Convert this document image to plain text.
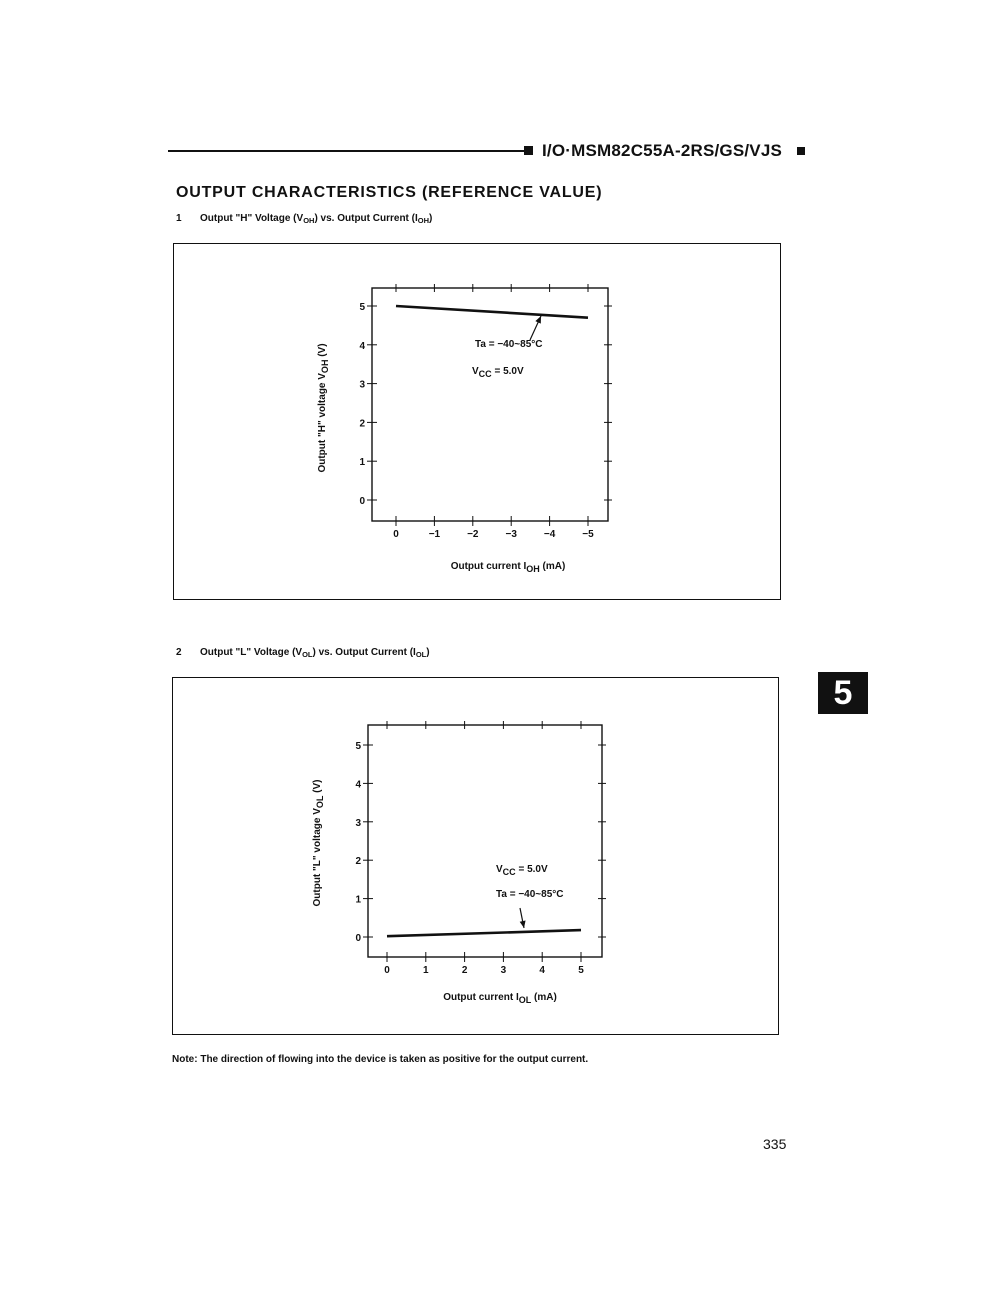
I/O·MSM82C55A-2RS/GS/VJS
OUTPUT CHARACTERISTICS (REFERENCE VALUE)
1 Output "H" Voltage $(V_{OH})$ vs. Output Current $(I_{OH})$
2 Output "L" Voltage $(V_{OL})$ vs. Output Current $(I_{OL})$
0	−1	−2	−3	−4	−5
0
1
2
3
4
5
Output current IOH (mA)
Output "H" voltage VOH (V)	Ta = −40~85°C
VCC = 5.0V
0	1	2	3	4	5
0
1
2
3
4
5
Output current IOL (mA)
Output "L" voltage VOL (V)
Ta = −40~85°C
VCC = 5.0V
5
Note: The direction of flowing into the device is taken as positive for the output current.
335
